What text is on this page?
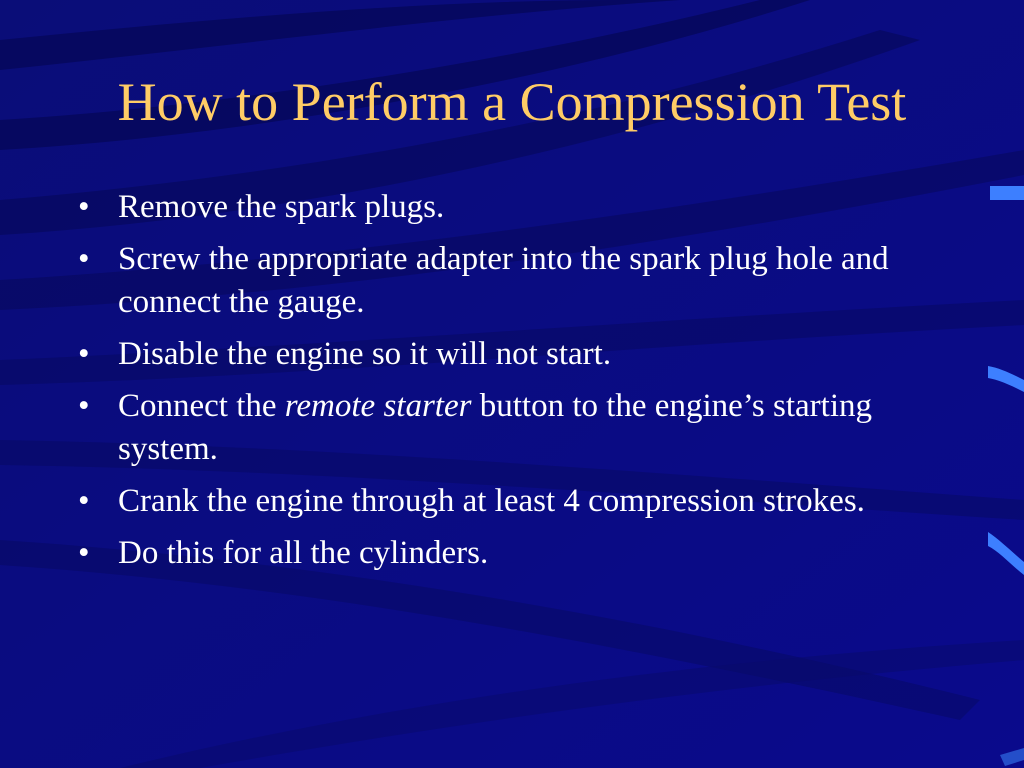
How to Perform a Compression Test
• Remove the spark plugs.
• Screw the appropriate adapter into the spark plug hole and connect the gauge.
• Disable the engine so it will not start.
• Connect the remote starter button to the engine’s starting system.
• Crank the engine through at least 4 compression strokes.
• Do this for all the cylinders.
